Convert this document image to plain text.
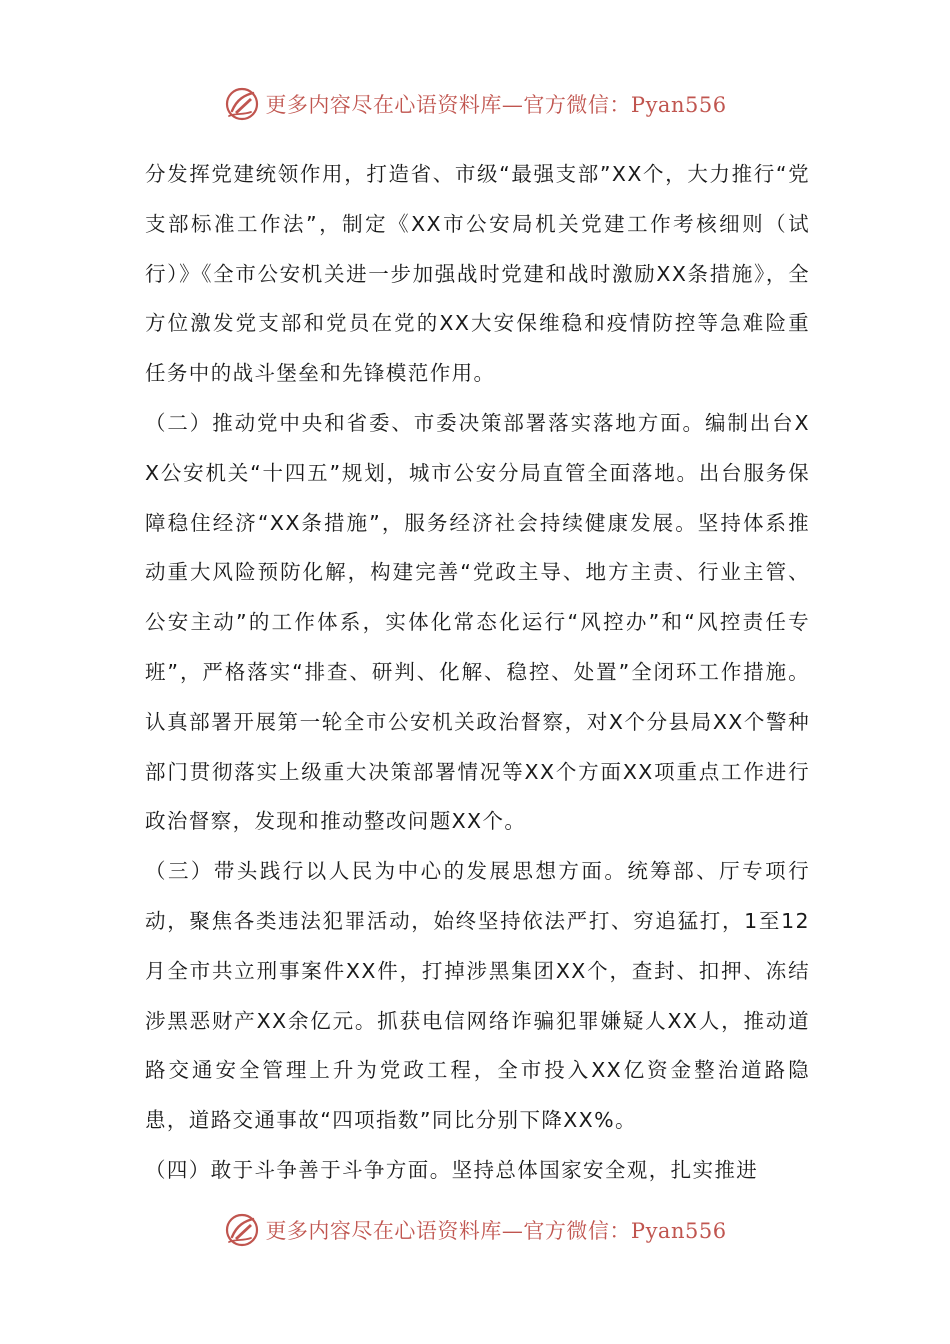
更多内容尽在心语资料库—官方微信：Pyan556

分发挥党建统领作用，打造省、市级“最强支部”XX个，大力推行“党支部标准工作法”，制定《XX市公安局机关党建工作考核细则（试行）》《全市公安机关进一步加强战时党建和战时激励XX条措施》，全方位激发党支部和党员在党的XX大安保维稳和疫情防控等急难险重任务中的战斗堡垒和先锋模范作用。

（二）推动党中央和省委、市委决策部署落实落地方面。编制出台XX公安机关“十四五”规划，城市公安分局直管全面落地。出台服务保障稳住经济“XX条措施”，服务经济社会持续健康发展。坚持体系推动重大风险预防化解，构建完善“党政主导、地方主责、行业主管、公安主动”的工作体系，实体化常态化运行“风控办”和“风控责任专班”，严格落实“排查、研判、化解、稳控、处置”全闭环工作措施。认真部署开展第一轮全市公安机关政治督察，对X个分县局XX个警种部门贯彻落实上级重大决策部署情况等XX个方面XX项重点工作进行政治督察，发现和推动整改问题XX个。

（三）带头践行以人民为中心的发展思想方面。统筹部、厅专项行动，聚焦各类违法犯罪活动，始终坚持依法严打、穷追猛打，1至12月全市共立刑事案件XX件，打掉涉黑集团XX个，查封、扣押、冻结涉黑恶财产XX余亿元。抓获电信网络诈骗犯罪嫌疑人XX人，推动道路交通安全管理上升为党政工程，全市投入XX亿资金整治道路隐患，道路交通事故“四项指数”同比分别下降XX%。

（四）敢于斗争善于斗争方面。坚持总体国家安全观，扎实推进

更多内容尽在心语资料库—官方微信：Pyan556
